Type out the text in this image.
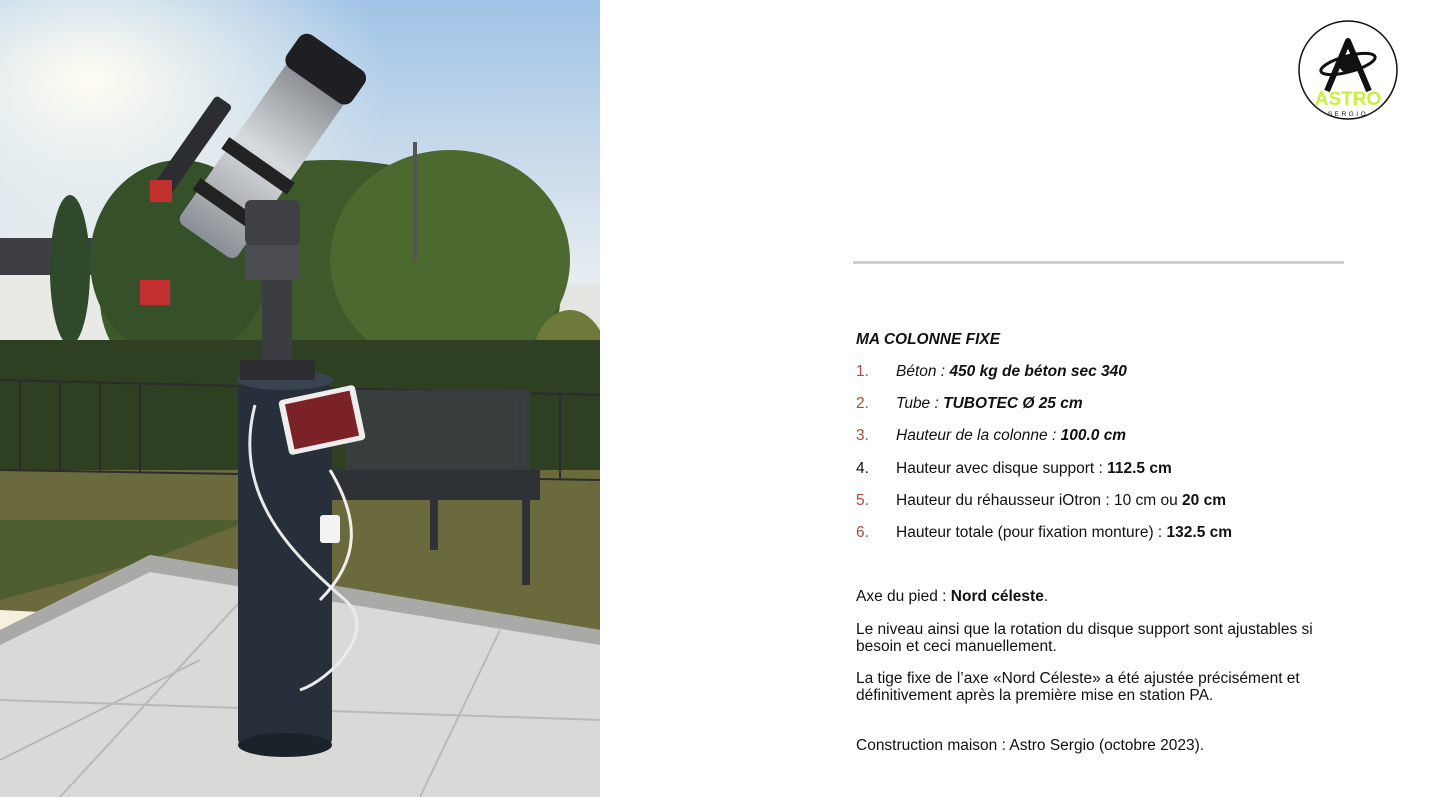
ASTRO
SERGIO
MA COLONNE FIXE
1.	Béton : 450 kg de béton sec 340
2.	Tube : TUBOTEC Ø 25 cm
3.	Hauteur de la colonne : 100.0 cm
4.	Hauteur avec disque support : 112.5 cm
5.	Hauteur du réhausseur iOtron : 10 cm ou 20 cm
6.	Hauteur totale (pour fixation monture) : 132.5 cm

Axe du pied : Nord céleste.

Le niveau ainsi que la rotation du disque support sont ajustables si besoin et ceci manuellement.

La tige fixe de l’axe «Nord Céleste» a été ajustée précisément et définitivement après la première mise en station PA.

Construction maison : Astro Sergio (octobre 2023).
